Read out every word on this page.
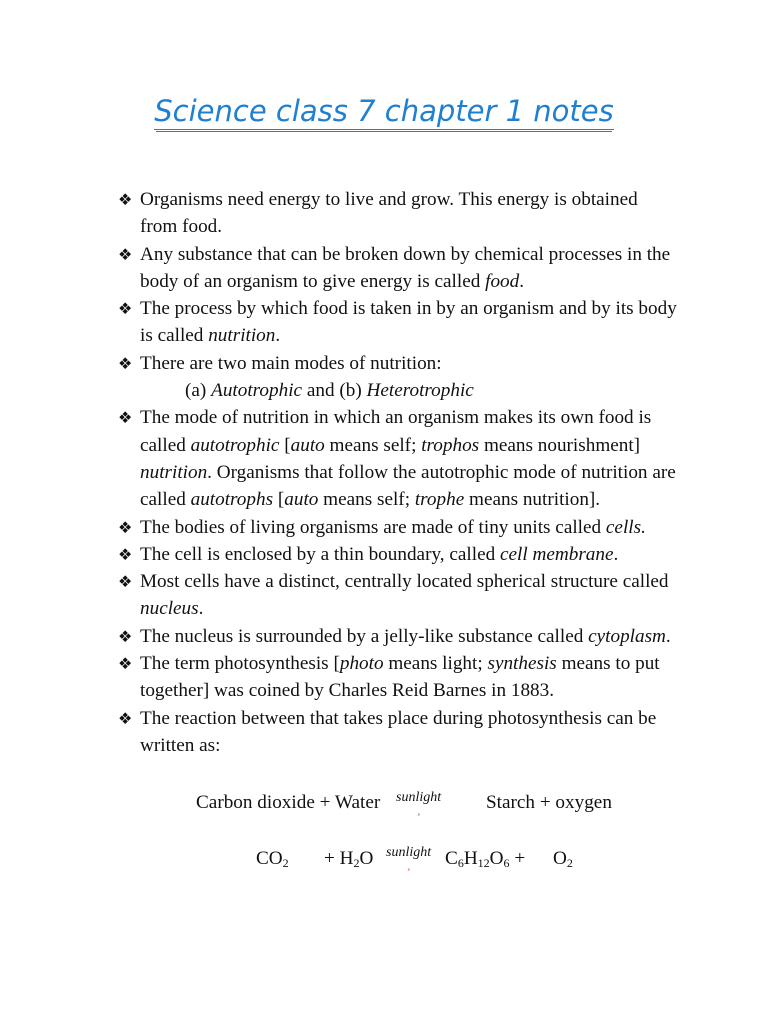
Science class 7 chapter 1 notes
❖ Organisms need energy to live and grow. This energy is obtained from food.
❖ Any substance that can be broken down by chemical processes in the body of an organism to give energy is called food.
❖ The process by which food is taken in by an organism and by its body is called nutrition.
❖ There are two main modes of nutrition:
(a) Autotrophic and (b) Heterotrophic
❖ The mode of nutrition in which an organism makes its own food is called autotrophic [auto means self; trophos means nourishment] nutrition. Organisms that follow the autotrophic mode of nutrition are called autotrophs [auto means self; trophe means nutrition].
❖ The bodies of living organisms are made of tiny units called cells.
❖ The cell is enclosed by a thin boundary, called cell membrane.
❖ Most cells have a distinct, centrally located spherical structure called nucleus.
❖ The nucleus is surrounded by a jelly-like substance called cytoplasm.
❖ The term photosynthesis [photo means light; synthesis means to put together] was coined by Charles Reid Barnes in 1883.
❖ The reaction between that takes place during photosynthesis can be written as:
Carbon dioxide + Water sunlight
¸	Starch + oxygen
$CO_2 + H_2O$ sunlight
¸ $C_6H_{12}O_6 + O_2$
